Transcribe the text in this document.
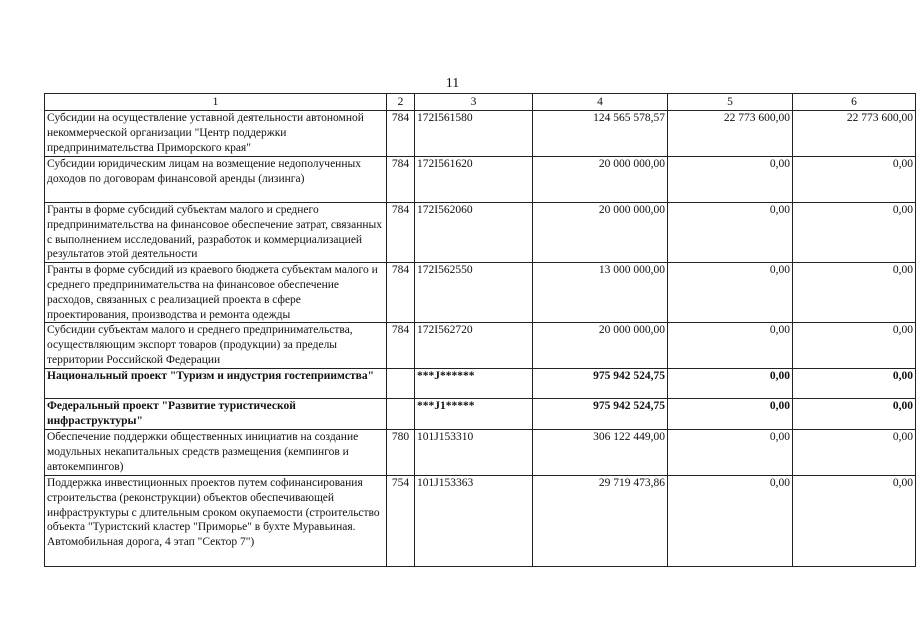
11
1	2	3	4	5	6
Субсидии на осуществление уставной деятельности автономной некоммерческой организации "Центр поддержки предпринимательства Приморского края"	784	172I561580	124 565 578,57	22 773 600,00	22 773 600,00
Субсидии юридическим лицам на возмещение недополученных доходов по договорам финансовой аренды (лизинга)	784	172I561620	20 000 000,00	0,00	0,00
Гранты в форме субсидий субъектам малого и среднего предпринимательства на финансовое обеспечение затрат, связанных с выполнением исследований, разработок и коммерциализацией результатов этой деятельности	784	172I562060	20 000 000,00	0,00	0,00
Гранты в форме субсидий из краевого бюджета субъектам малого и среднего предпринимательства на финансовое обеспечение расходов, связанных с реализацией проекта в сфере проектирования, производства и ремонта одежды	784	172I562550	13 000 000,00	0,00	0,00
Субсидии субъектам малого и среднего предпринимательства, осуществляющим экспорт товаров (продукции) за пределы территории Российской Федерации	784	172I562720	20 000 000,00	0,00	0,00
Национальный проект "Туризм и индустрия гостеприимства"		***J******	975 942 524,75	0,00	0,00
Федеральный проект "Развитие туристической инфраструктуры"		***J1*****	975 942 524,75	0,00	0,00
Обеспечение поддержки общественных инициатив на создание модульных некапитальных средств размещения (кемпингов и автокемпингов)	780	101J153310	306 122 449,00	0,00	0,00
Поддержка инвестиционных проектов путем софинансирования строительства (реконструкции) объектов обеспечивающей инфраструктуры с длительным сроком окупаемости (строительство объекта "Туристский кластер "Приморье" в бухте Муравьиная. Автомобильная дорога, 4 этап "Сектор 7")	754	101J153363	29 719 473,86	0,00	0,00
